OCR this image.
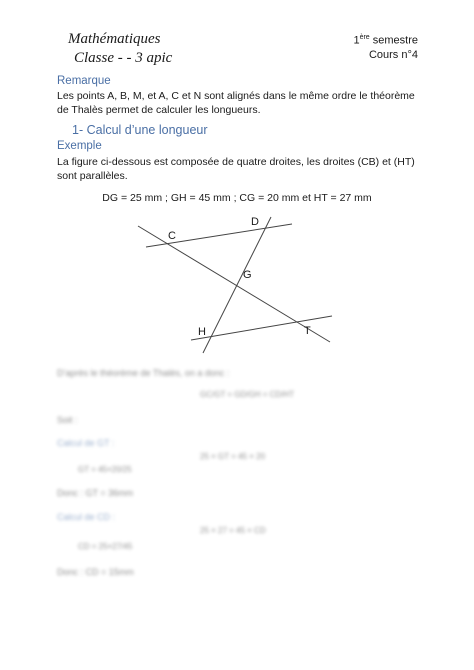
Mathématiques
Classe - - 3 apic
1ère semestre
Cours n°4
Remarque
Les points A, B, M, et A, C et N sont alignés dans le même ordre le théorème de Thalès permet de calculer les longueurs.
1- Calcul d’une longueur
Exemple
La figure ci-dessous est composée de quatre droites, les droites (CB) et (HT) sont parallèles.
DG = 25 mm ; GH = 45 mm ; CG = 20 mm et HT = 27 mm
C
D
G
H	T
D’après le théorème de Thalès, on a donc :
GC/GT = GD/GH = CD/HT
Soit :
Calcul de GT :
25 × GT = 45 × 20
GT = 45×20/25
Donc : GT = 36mm
Calcul de CD :
25 × 27 = 45 × CD
CD = 25×27/45
Donc : CD = 15mm
